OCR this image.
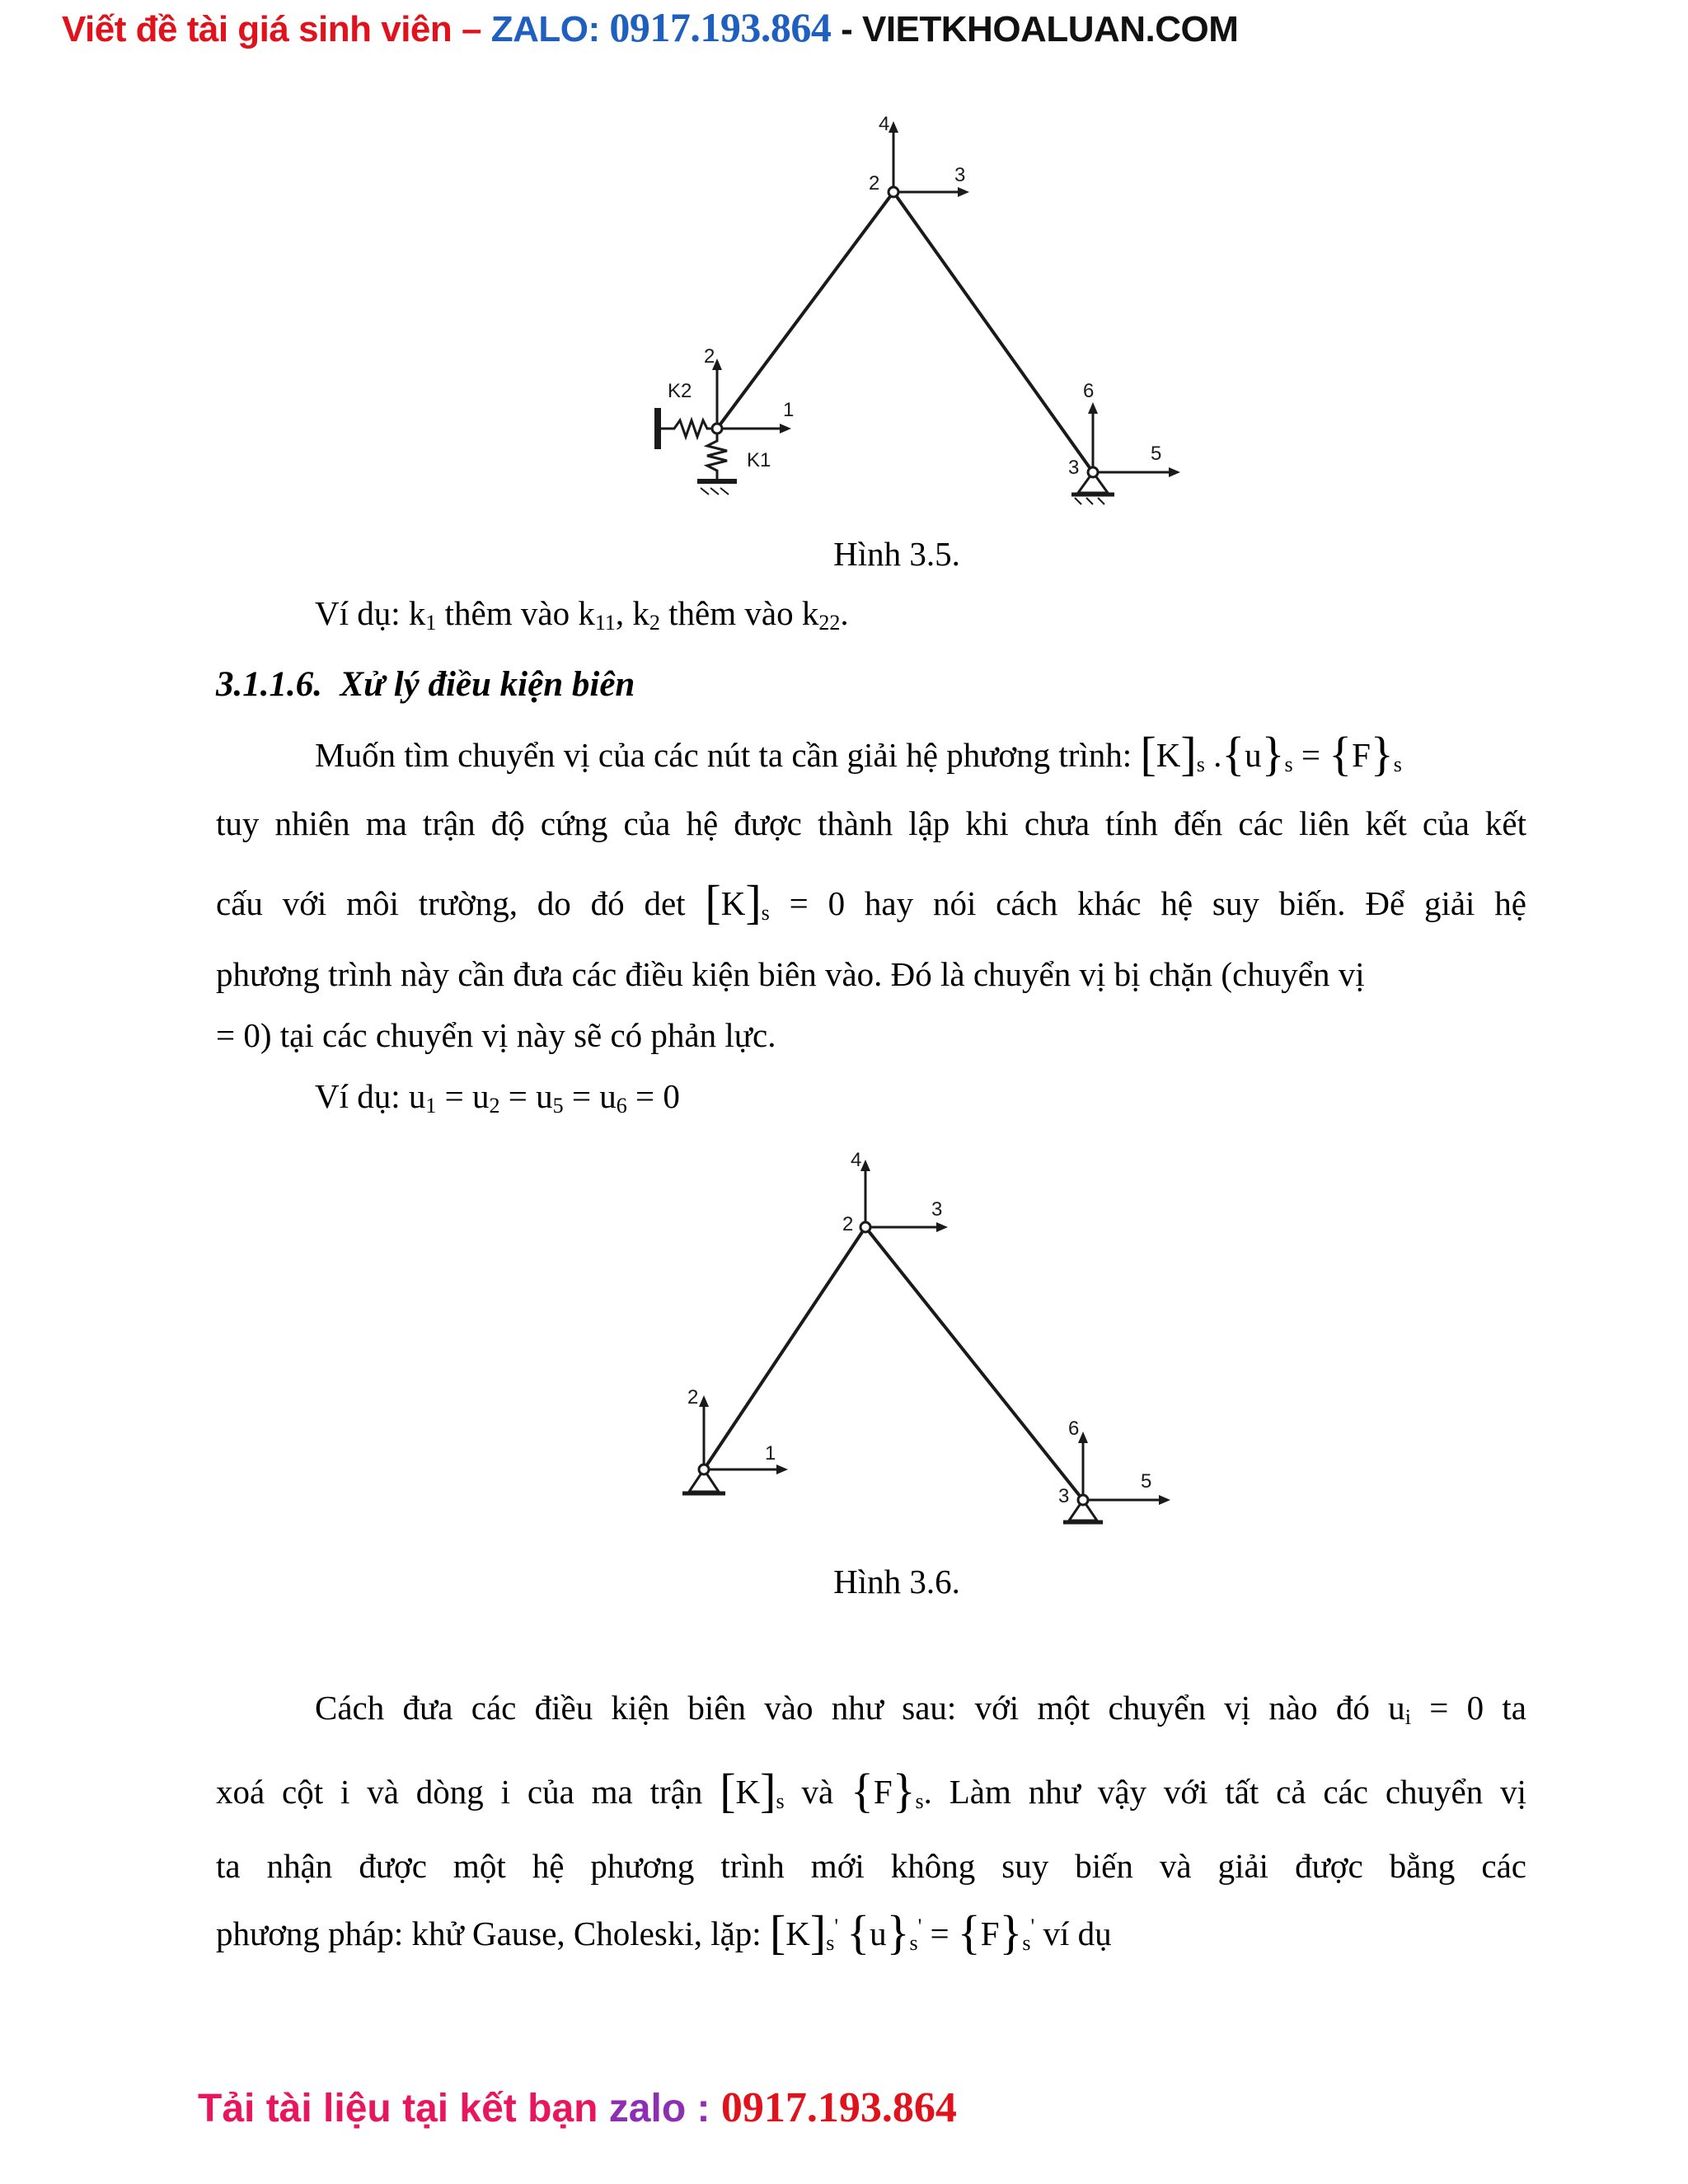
Viết đề tài giá sinh viên – ZALO: 0917.193.864 - VIETKHOALUAN.COM
4
3
2
2
1
K2
K1
6
5
3
Hình 3.5.
Ví dụ: $k_1$ thêm vào $k_{11}$, $k_2$ thêm vào $k_{22}$.
3.1.1.6. Xử lý điều kiện biên
Muốn tìm chuyển vị của các nút ta cần giải hệ phương trình: $[K]_s$ $.\{u\}_s = \{F\}_s$
tuy nhiên ma trận độ cứng của hệ được thành lập khi chưa tính đến các liên kết của kết
cấu với môi trường, do đó $\det [K]_s = 0$ hay nói cách khác hệ suy biến. Để giải hệ
phương trình này cần đưa các điều kiện biên vào. Đó là chuyển vị bị chặn (chuyển vị
= 0) tại các chuyển vị này sẽ có phản lực.
Ví dụ: $u_1 = u_2 = u_5 = u_6 = 0$
4
3
2
2
1
6
5
3
Hình 3.6.
Cách đưa các điều kiện biên vào như sau: với một chuyển vị nào đó $u_i = 0$ ta
xoá cột i và dòng i của ma trận $[K]_s$ và $\{F\}_s$. Làm như vậy với tất cả các chuyển vị
ta nhận được một hệ phương trình mới không suy biến và giải được bằng các
phương pháp: khử Gause, Choleski, lặp: $[K]_s'$ $\{u\}_s' = \{F\}_s'$ ví dụ
Tải tài liệu tại kết bạn zalo : 0917.193.864
